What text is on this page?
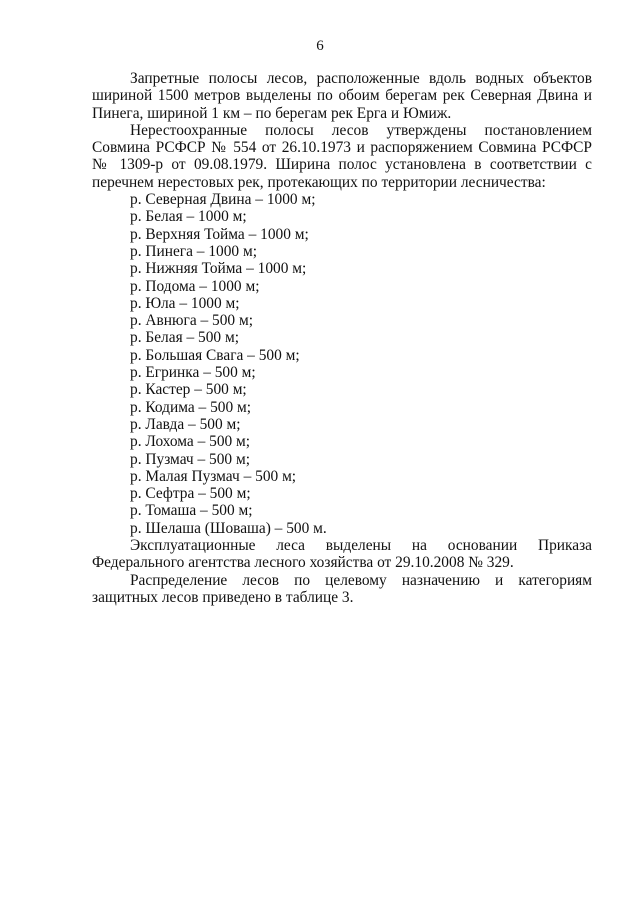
6

Запретные полосы лесов, расположенные вдоль водных объектов шириной 1500 метров выделены по обоим берегам рек Северная Двина и Пинега, шириной 1 км – по берегам рек Ерга и Юмиж.

Нерестоохранные полосы лесов утверждены постановлением Совмина РСФСР № 554 от 26.10.1973 и распоряжением Совмина РСФСР № 1309-р от 09.08.1979. Ширина полос установлена в соответствии с перечнем нерестовых рек, протекающих по территории лесничества:

р. Северная Двина – 1000 м;
р. Белая – 1000 м;
р. Верхняя Тойма – 1000 м;
р. Пинега – 1000 м;
р. Нижняя Тойма – 1000 м;
р. Подома – 1000 м;
р. Юла – 1000 м;
р. Авнюга – 500 м;
р. Белая – 500 м;
р. Большая Свага – 500 м;
р. Егринка – 500 м;
р. Кастер – 500 м;
р. Кодима – 500 м;
р. Лавда – 500 м;
р. Лохома – 500 м;
р. Пузмач – 500 м;
р. Малая Пузмач – 500 м;
р. Сефтра – 500 м;
р. Томаша – 500 м;
р. Шелаша (Шоваша) – 500 м.

Эксплуатационные леса выделены на основании Приказа Федерального агентства лесного хозяйства от 29.10.2008 № 329.

Распределение лесов по целевому назначению и категориям защитных лесов приведено в таблице 3.
